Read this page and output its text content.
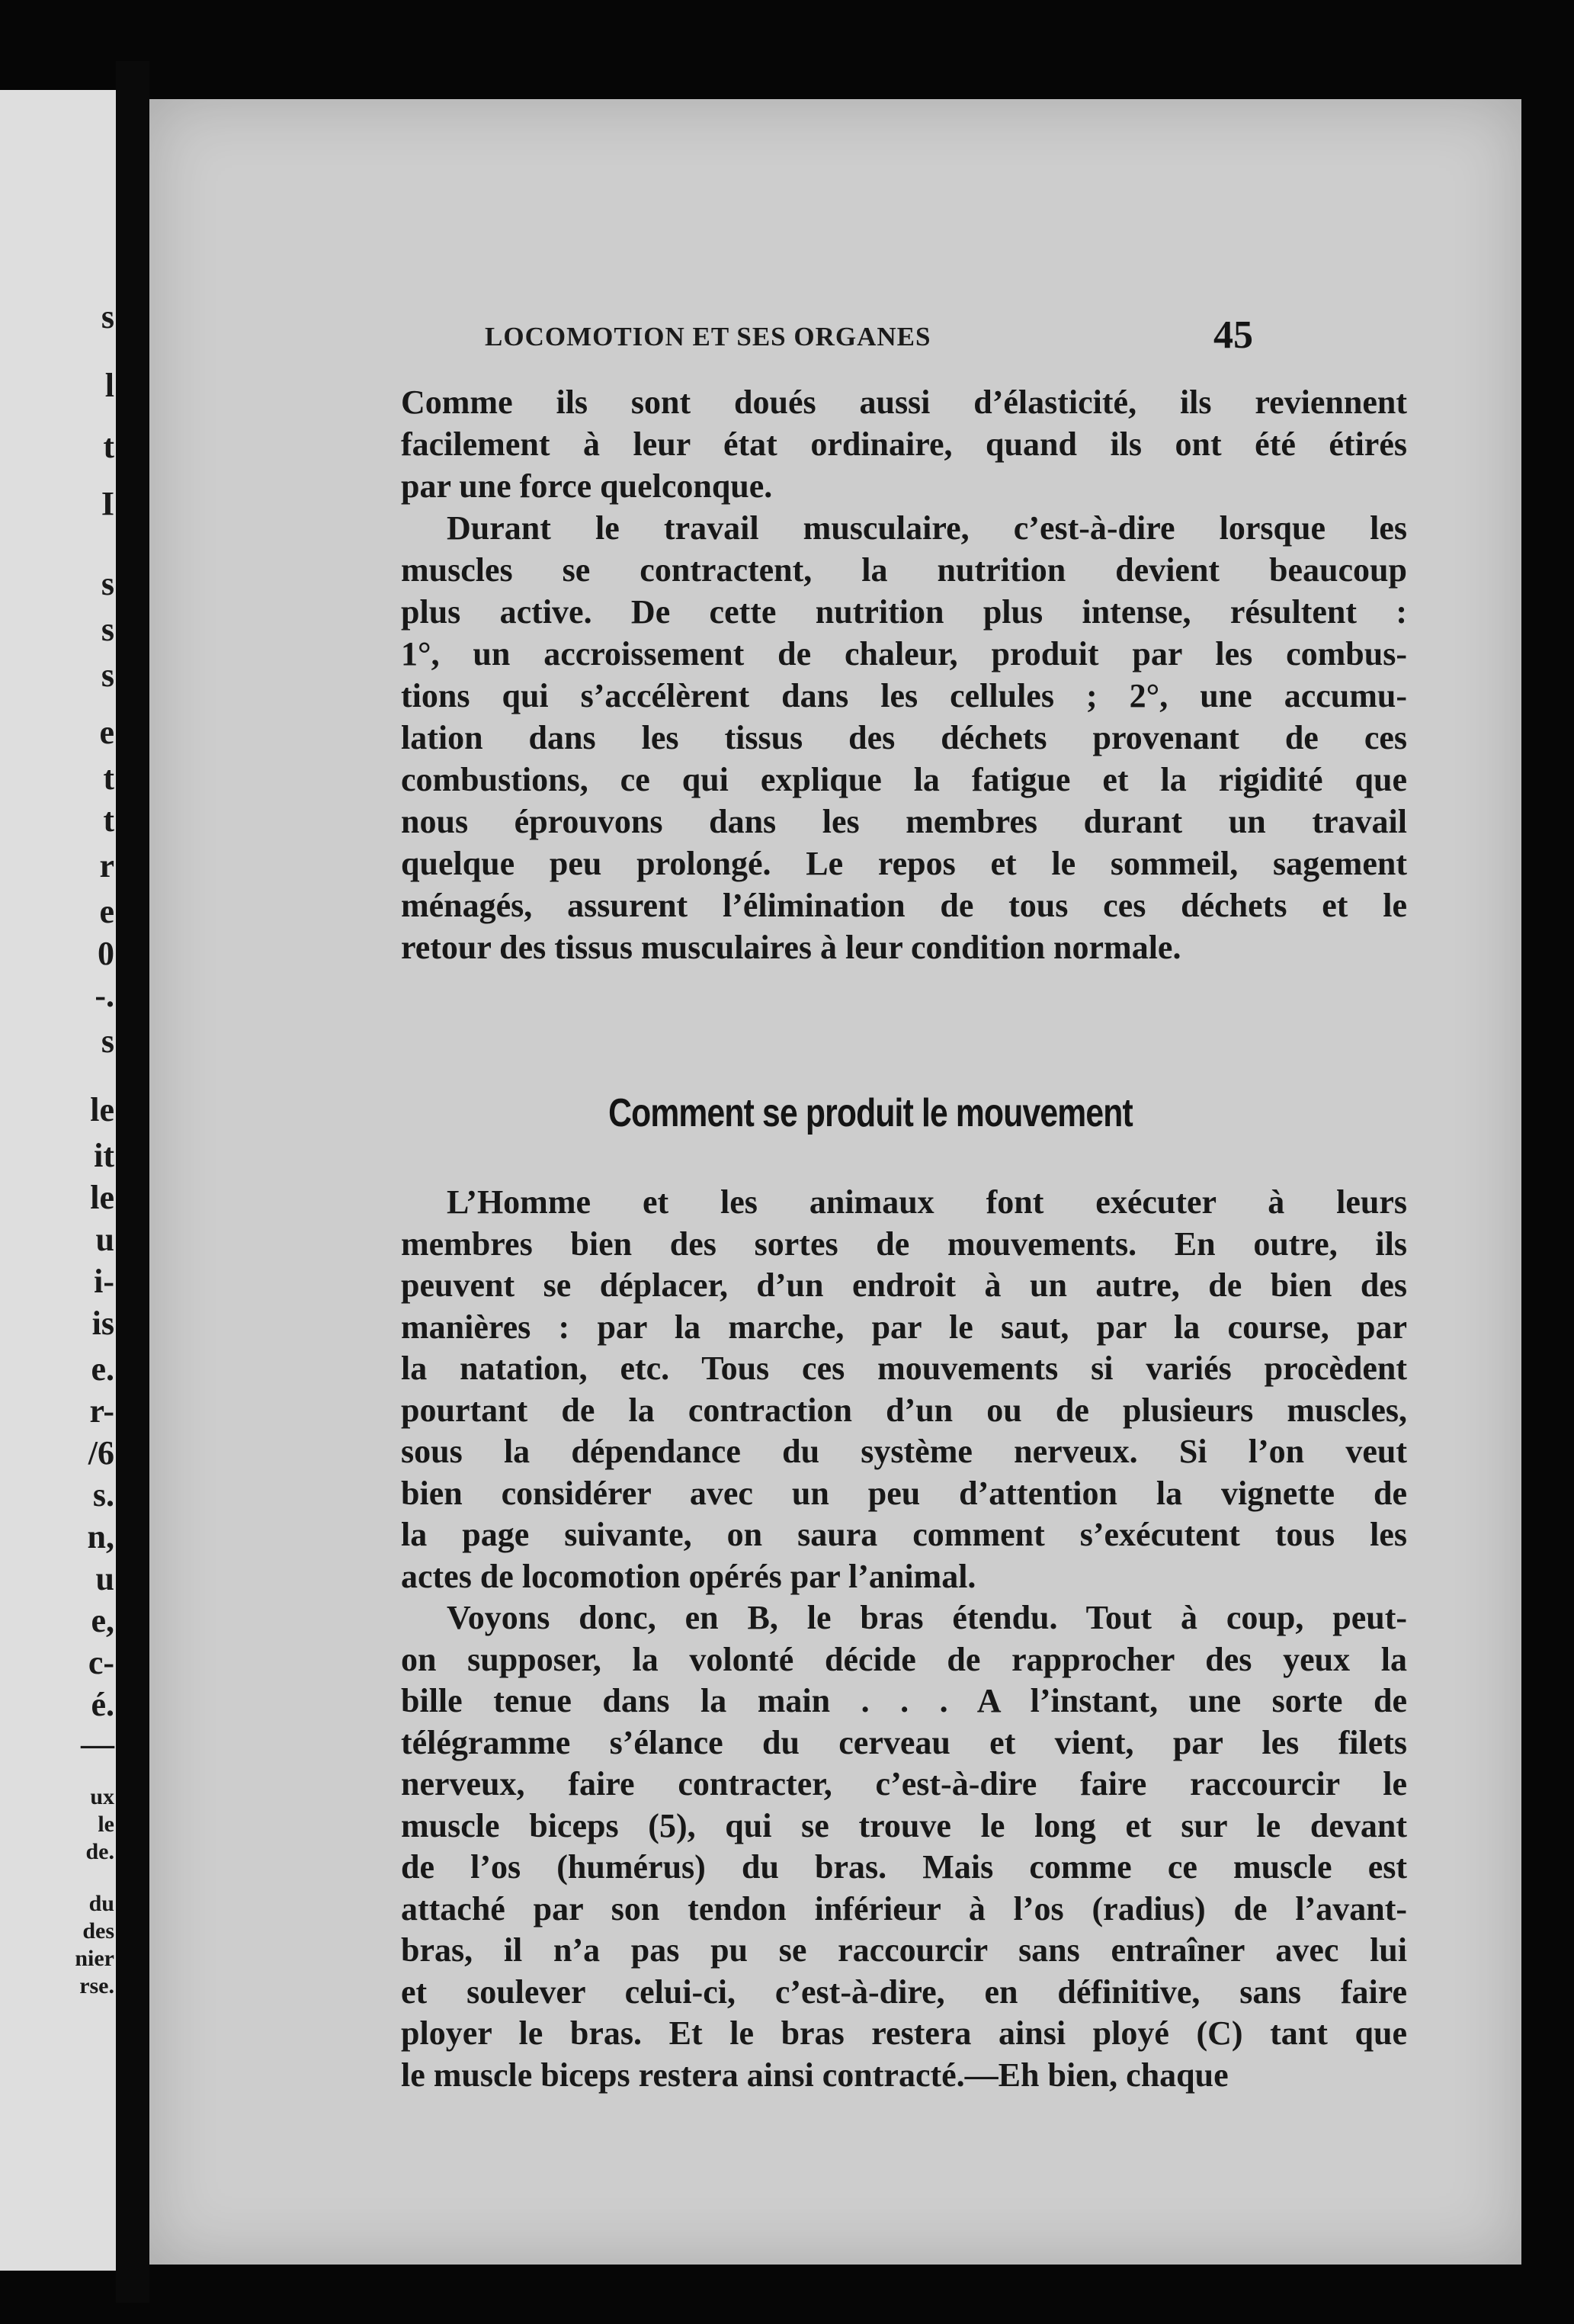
s
l
t
I
s
s
s
e
t
t
r
e
0
-.
s
le
it
le
u
i-
is
e.
r-
/6
s.
n,
u
e,
c-
é.
—
ux
le
de.
du
des
nier
rse.
LOCOMOTION ET SES ORGANES	45
Comme ils sont doués aussi d’élasticité, ils reviennent
facilement à leur état ordinaire, quand ils ont été étirés
par une force quelconque.
Durant le travail musculaire, c’est-à-dire lorsque les
muscles se contractent, la nutrition devient beaucoup
plus active. De cette nutrition plus intense, résultent :
1°, un accroissement de chaleur, produit par les combus-
tions qui s’accélèrent dans les cellules ; 2°, une accumu-
lation dans les tissus des déchets provenant de ces
combustions, ce qui explique la fatigue et la rigidité que
nous éprouvons dans les membres durant un travail
quelque peu prolongé. Le repos et le sommeil, sagement
ménagés, assurent l’élimination de tous ces déchets et le
retour des tissus musculaires à leur condition normale.
Comment se produit le mouvement
L’Homme et les animaux font exécuter à leurs
membres bien des sortes de mouvements. En outre, ils
peuvent se déplacer, d’un endroit à un autre, de bien des
manières : par la marche, par le saut, par la course, par
la natation, etc. Tous ces mouvements si variés procèdent
pourtant de la contraction d’un ou de plusieurs muscles,
sous la dépendance du système nerveux. Si l’on veut
bien considérer avec un peu d’attention la vignette de
la page suivante, on saura comment s’exécutent tous les
actes de locomotion opérés par l’animal.
Voyons donc, en B, le bras étendu. Tout à coup, peut-
on supposer, la volonté décide de rapprocher des yeux la
bille tenue dans la main . . . A l’instant, une sorte de
télégramme s’élance du cerveau et vient, par les filets
nerveux, faire contracter, c’est-à-dire faire raccourcir le
muscle biceps (5), qui se trouve le long et sur le devant
de l’os (humérus) du bras. Mais comme ce muscle est
attaché par son tendon inférieur à l’os (radius) de l’avant-
bras, il n’a pas pu se raccourcir sans entraîner avec lui
et soulever celui-ci, c’est-à-dire, en définitive, sans faire
ployer le bras. Et le bras restera ainsi ployé (C) tant que
le muscle biceps restera ainsi contracté.—Eh bien, chaque
